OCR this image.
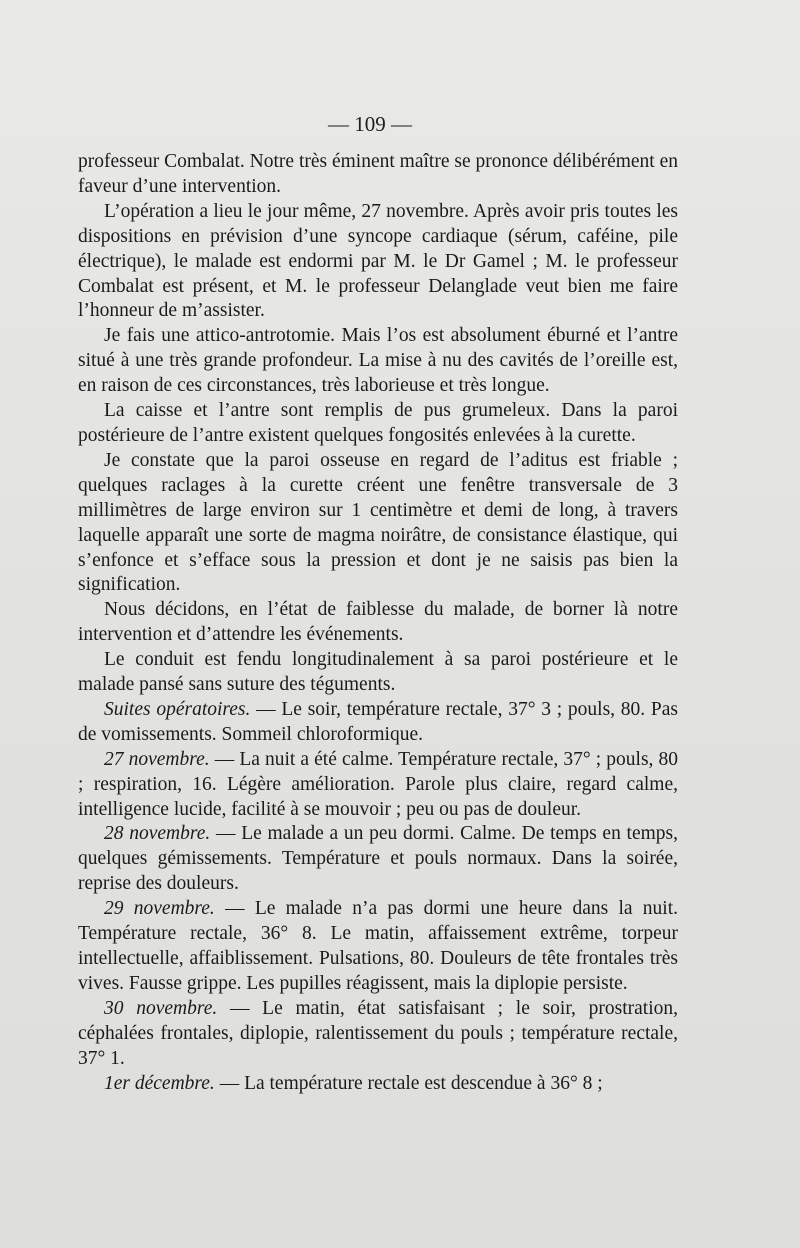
— 109 —

professeur Combalat. Notre très éminent maître se prononce délibérément en faveur d’une intervention.

L’opération a lieu le jour même, 27 novembre. Après avoir pris toutes les dispositions en prévision d’une syncope cardiaque (sérum, caféine, pile électrique), le malade est endormi par M. le Dr Gamel ; M. le professeur Combalat est présent, et M. le professeur Delanglade veut bien me faire l’honneur de m’assister.

Je fais une attico-antrotomie. Mais l’os est absolument éburné et l’antre situé à une très grande profondeur. La mise à nu des cavités de l’oreille est, en raison de ces circonstances, très laborieuse et très longue.

La caisse et l’antre sont remplis de pus grumeleux. Dans la paroi postérieure de l’antre existent quelques fongosités enlevées à la curette.

Je constate que la paroi osseuse en regard de l’aditus est friable ; quelques raclages à la curette créent une fenêtre transversale de 3 millimètres de large environ sur 1 centimètre et demi de long, à travers laquelle apparaît une sorte de magma noirâtre, de consistance élastique, qui s’enfonce et s’efface sous la pression et dont je ne saisis pas bien la signification.

Nous décidons, en l’état de faiblesse du malade, de borner là notre intervention et d’attendre les événements.

Le conduit est fendu longitudinalement à sa paroi postérieure et le malade pansé sans suture des téguments.

Suites opératoires. — Le soir, température rectale, 37° 3 ; pouls, 80. Pas de vomissements. Sommeil chloroformique.

27 novembre. — La nuit a été calme. Température rectale, 37° ; pouls, 80 ; respiration, 16. Légère amélioration. Parole plus claire, regard calme, intelligence lucide, facilité à se mouvoir ; peu ou pas de douleur.

28 novembre. — Le malade a un peu dormi. Calme. De temps en temps, quelques gémissements. Température et pouls normaux. Dans la soirée, reprise des douleurs.

29 novembre. — Le malade n’a pas dormi une heure dans la nuit. Température rectale, 36° 8. Le matin, affaissement extrême, torpeur intellectuelle, affaiblissement. Pulsations, 80. Douleurs de tête frontales très vives. Fausse grippe. Les pupilles réagissent, mais la diplopie persiste.

30 novembre. — Le matin, état satisfaisant ; le soir, prostration, céphalées frontales, diplopie, ralentissement du pouls ; température rectale, 37° 1.

1er décembre. — La température rectale est descendue à 36° 8 ;
